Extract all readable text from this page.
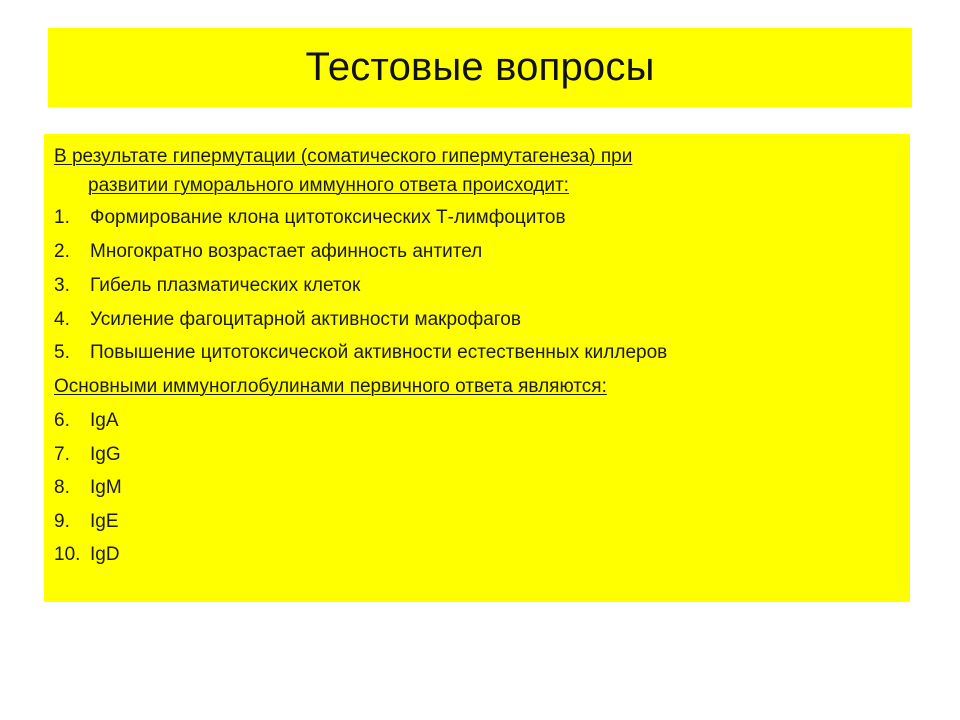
Тестовые вопросы
В результате гипермутации (соматического гипермутагенеза) при
развитии гуморального иммунного ответа происходит:
1. Формирование клона цитотоксических Т-лимфоцитов
2. Многократно возрастает афинность антител
3. Гибель плазматических клеток
4. Усиление фагоцитарной активности макрофагов
5. Повышение цитотоксической активности естественных киллеров
Основными иммуноглобулинами первичного ответа являются:
6. IgA
7. IgG
8. IgM
9. IgE
10. IgD
